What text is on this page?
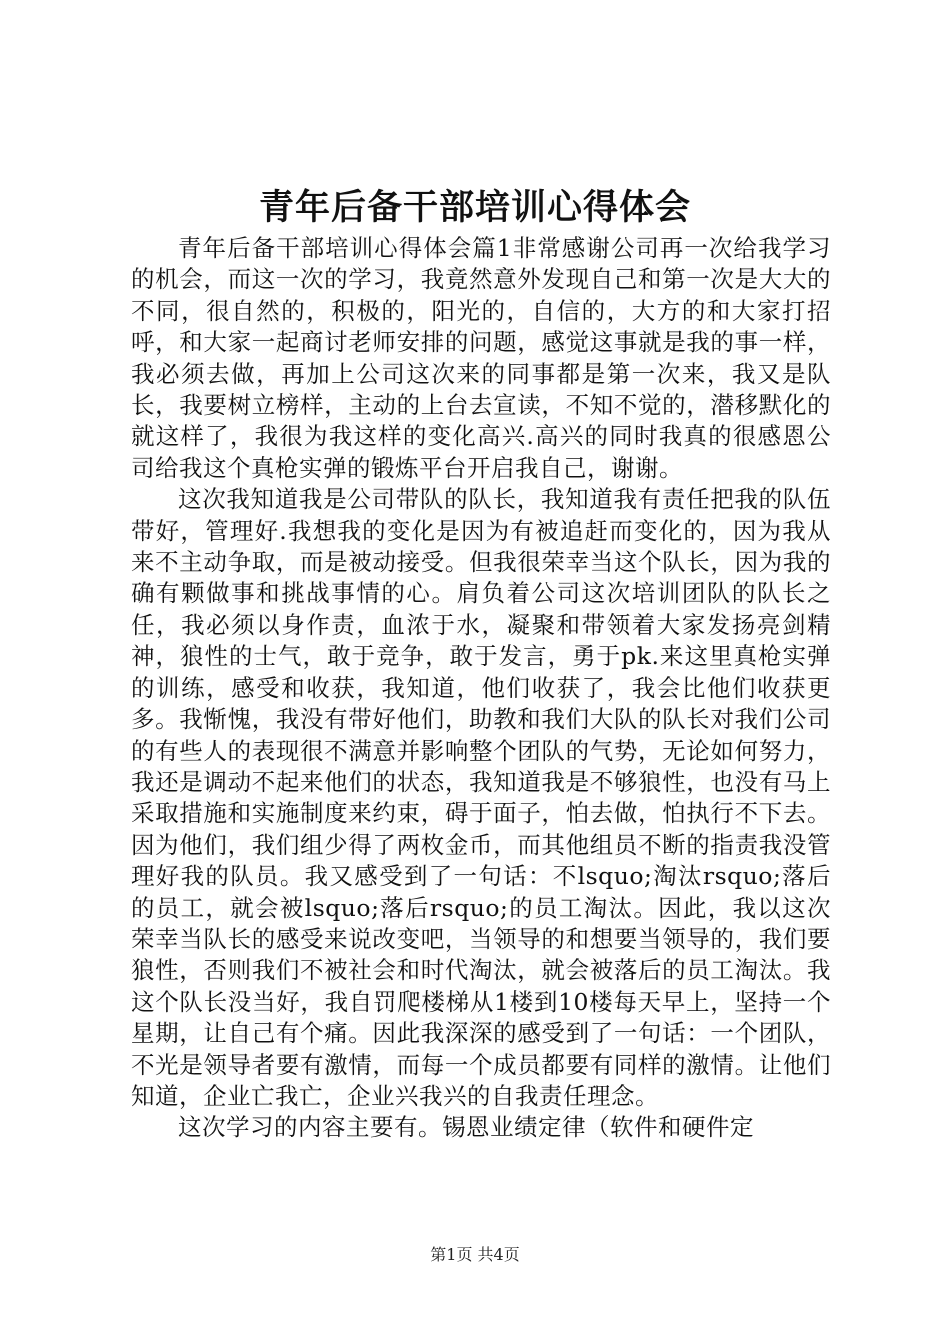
青年后备干部培训心得体会

青年后备干部培训心得体会篇1非常感谢公司再一次给我学习的机会，而这一次的学习，我竟然意外发现自己和第一次是大大的不同，很自然的，积极的，阳光的，自信的，大方的和大家打招呼，和大家一起商讨老师安排的问题，感觉这事就是我的事一样，我必须去做，再加上公司这次来的同事都是第一次来，我又是队长，我要树立榜样，主动的上台去宣读，不知不觉的，潜移默化的就这样了，我很为我这样的变化高兴.高兴的同时我真的很感恩公司给我这个真枪实弹的锻炼平台开启我自己，谢谢。

这次我知道我是公司带队的队长，我知道我有责任把我的队伍带好，管理好.我想我的变化是因为有被追赶而变化的，因为我从来不主动争取，而是被动接受。但我很荣幸当这个队长，因为我的确有颗做事和挑战事情的心。肩负着公司这次培训团队的队长之任，我必须以身作责，血浓于水，凝聚和带领着大家发扬亮剑精神，狼性的士气，敢于竞争，敢于发言，勇于pk.来这里真枪实弹的训练，感受和收获，我知道，他们收获了，我会比他们收获更多。我惭愧，我没有带好他们，助教和我们大队的队长对我们公司的有些人的表现很不满意并影响整个团队的气势，无论如何努力，我还是调动不起来他们的状态，我知道我是不够狼性，也没有马上采取措施和实施制度来约束，碍于面子，怕去做，怕执行不下去。因为他们，我们组少得了两枚金币，而其他组员不断的指责我没管理好我的队员。我又感受到了一句话：不lsquo;淘汰rsquo;落后的员工，就会被lsquo;落后rsquo;的员工淘汰。因此，我以这次荣幸当队长的感受来说改变吧，当领导的和想要当领导的，我们要狼性，否则我们不被社会和时代淘汰，就会被落后的员工淘汰。我这个队长没当好，我自罚爬楼梯从1楼到10楼每天早上，坚持一个星期，让自己有个痛。因此我深深的感受到了一句话：一个团队，不光是领导者要有激情，而每一个成员都要有同样的激情。让他们知道，企业亡我亡，企业兴我兴的自我责任理念。

这次学习的内容主要有。锡恩业绩定律（软件和硬件定

第1页 共4页
